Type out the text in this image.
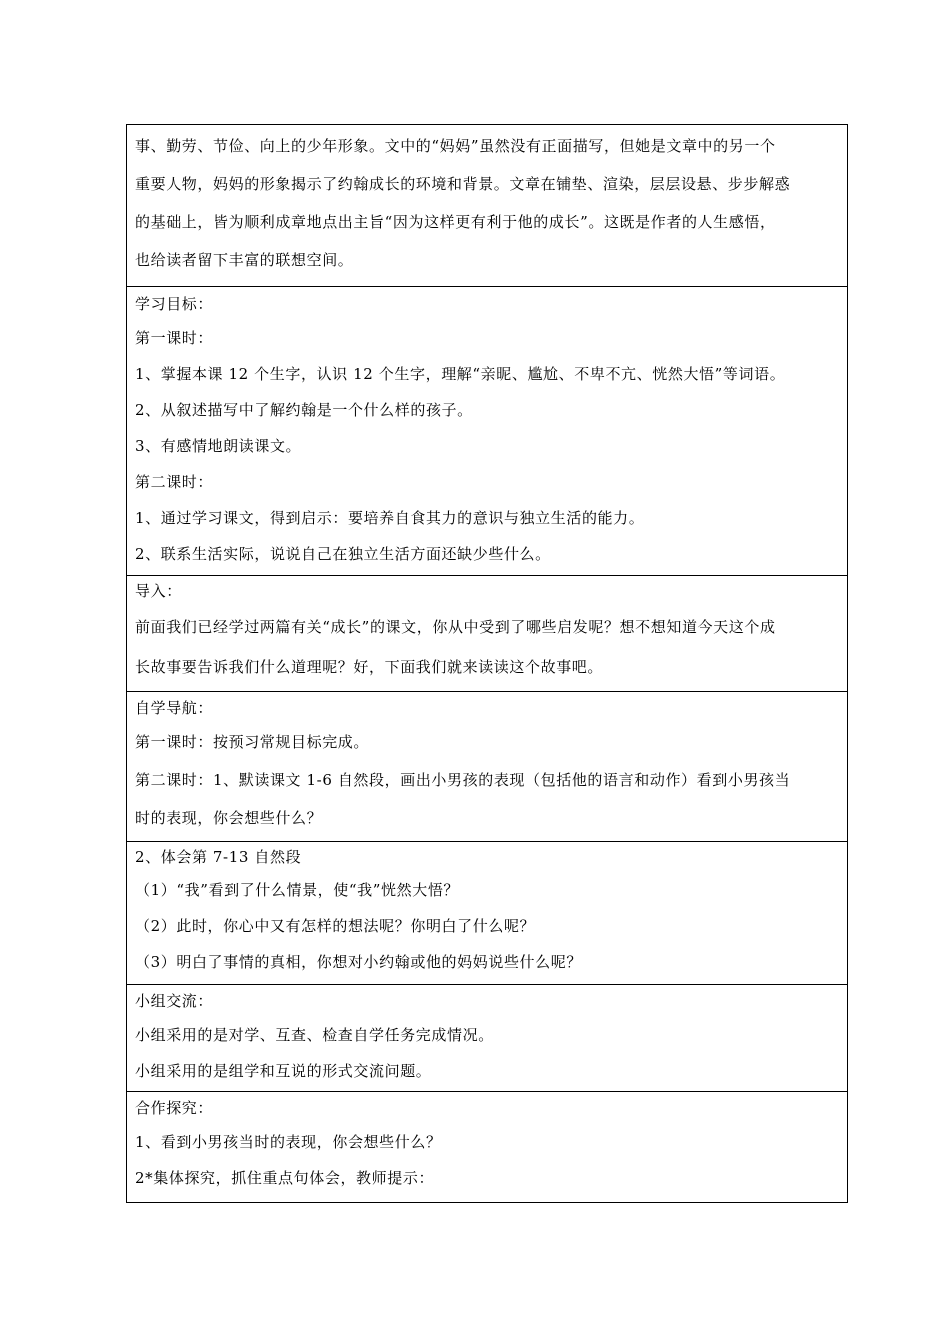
事、勤劳、节俭、向上的少年形象。文中的“妈妈”虽然没有正面描写，但她是文章中的另一个
重要人物，妈妈的形象揭示了约翰成长的环境和背景。文章在铺垫、渲染，层层设悬、步步解惑
的基础上，皆为顺利成章地点出主旨“因为这样更有利于他的成长”。这既是作者的人生感悟，
也给读者留下丰富的联想空间。
学习目标：
第一课时：
1、掌握本课 12 个生字，认识 12 个生字，理解“亲昵、尴尬、不卑不亢、恍然大悟”等词语。
2、从叙述描写中了解约翰是一个什么样的孩子。
3、有感情地朗读课文。
第二课时：
1、通过学习课文，得到启示：要培养自食其力的意识与独立生活的能力。
2、联系生活实际，说说自己在独立生活方面还缺少些什么。
导入：
前面我们已经学过两篇有关“成长”的课文，你从中受到了哪些启发呢？想不想知道今天这个成
长故事要告诉我们什么道理呢？好，下面我们就来读读这个故事吧。
自学导航：
第一课时：按预习常规目标完成。
第二课时：1、默读课文 1-6 自然段，画出小男孩的表现（包括他的语言和动作）看到小男孩当
时的表现，你会想些什么？
2、体会第 7-13 自然段
（1）“我”看到了什么情景，使“我”恍然大悟？
（2）此时，你心中又有怎样的想法呢？你明白了什么呢？
（3）明白了事情的真相，你想对小约翰或他的妈妈说些什么呢？
小组交流：
小组采用的是对学、互查、检查自学任务完成情况。
小组采用的是组学和互说的形式交流问题。
合作探究：
1、看到小男孩当时的表现，你会想些什么？
2*集体探究，抓住重点句体会，教师提示：
